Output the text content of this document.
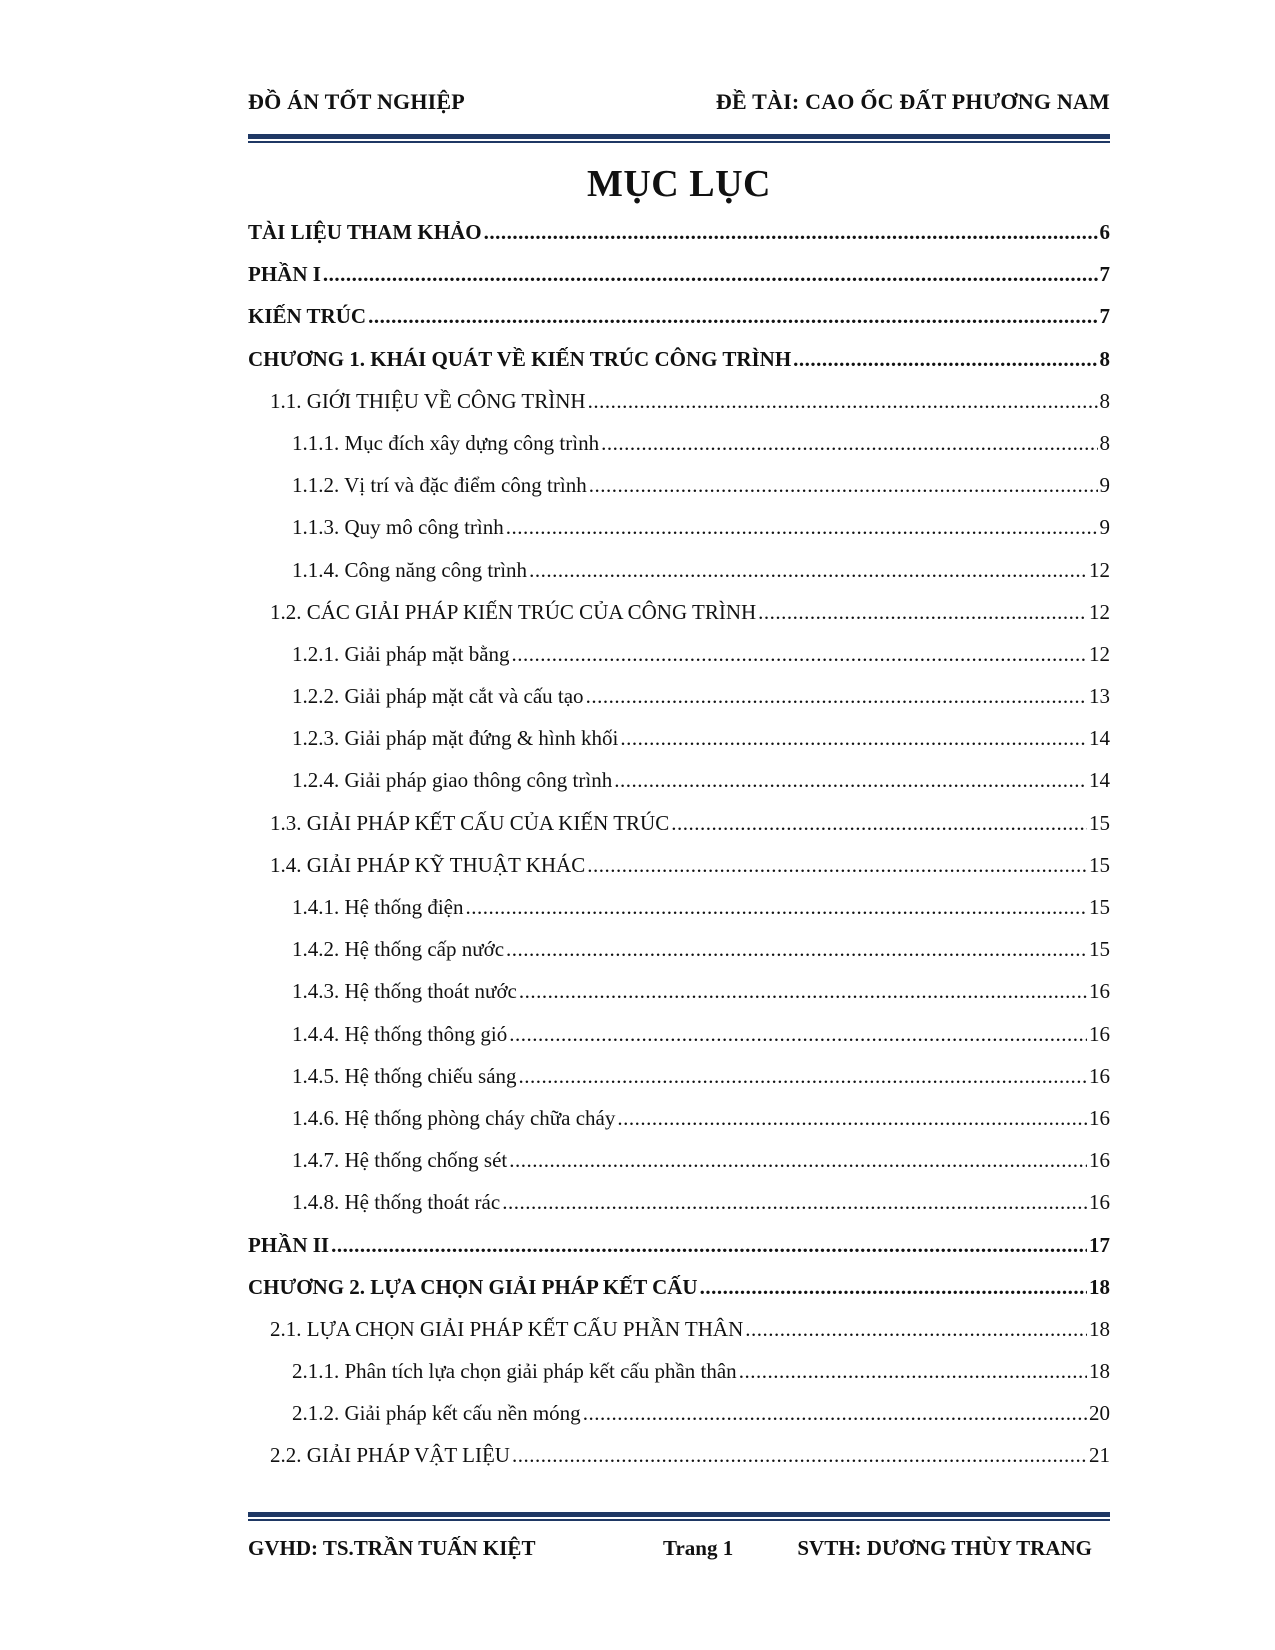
ĐỒ ÁN TỐT NGHIỆP	ĐỀ TÀI: CAO ỐC ĐẤT PHƯƠNG NAM
MỤC LỤC
TÀI LIỆU THAM KHẢO .....	6
PHẦN I .....	7
KIẾN TRÚC .....	7
CHƯƠNG 1. KHÁI QUÁT VỀ KIẾN TRÚC CÔNG TRÌNH .....	8
1.1. GIỚI THIỆU VỀ CÔNG TRÌNH .....	8
1.1.1. Mục đích xây dựng công trình .....	8
1.1.2. Vị trí và đặc điểm công trình .....	9
1.1.3. Quy mô công trình .....	9
1.1.4. Công năng công trình .....	12
1.2. CÁC GIẢI PHÁP KIẾN TRÚC CỦA CÔNG TRÌNH .....	12
1.2.1. Giải pháp mặt bằng .....	12
1.2.2. Giải pháp mặt cắt và cấu tạo .....	13
1.2.3. Giải pháp mặt đứng & hình khối .....	14
1.2.4. Giải pháp giao thông công trình .....	14
1.3. GIẢI PHÁP KẾT CẤU CỦA KIẾN TRÚC .....	15
1.4. GIẢI PHÁP KỸ THUẬT KHÁC .....	15
1.4.1. Hệ thống điện .....	15
1.4.2. Hệ thống cấp nước .....	15
1.4.3. Hệ thống thoát nước .....	16
1.4.4. Hệ thống thông gió .....	16
1.4.5. Hệ thống chiếu sáng .....	16
1.4.6. Hệ thống phòng cháy chữa cháy .....	16
1.4.7. Hệ thống chống sét .....	16
1.4.8. Hệ thống thoát rác .....	16
PHẦN II .....	17
CHƯƠNG 2. LỰA CHỌN GIẢI PHÁP KẾT CẤU .....	18
2.1. LỰA CHỌN GIẢI PHÁP KẾT CẤU PHẦN THÂN .....	18
2.1.1. Phân tích lựa chọn giải pháp kết cấu phần thân .....	18
2.1.2. Giải pháp kết cấu nền móng .....	20
2.2. GIẢI PHÁP VẬT LIỆU .....	21
GVHD: TS.TRẦN TUẤN KIỆT	Trang 1	SVTH: DƯƠNG THÙY TRANG
